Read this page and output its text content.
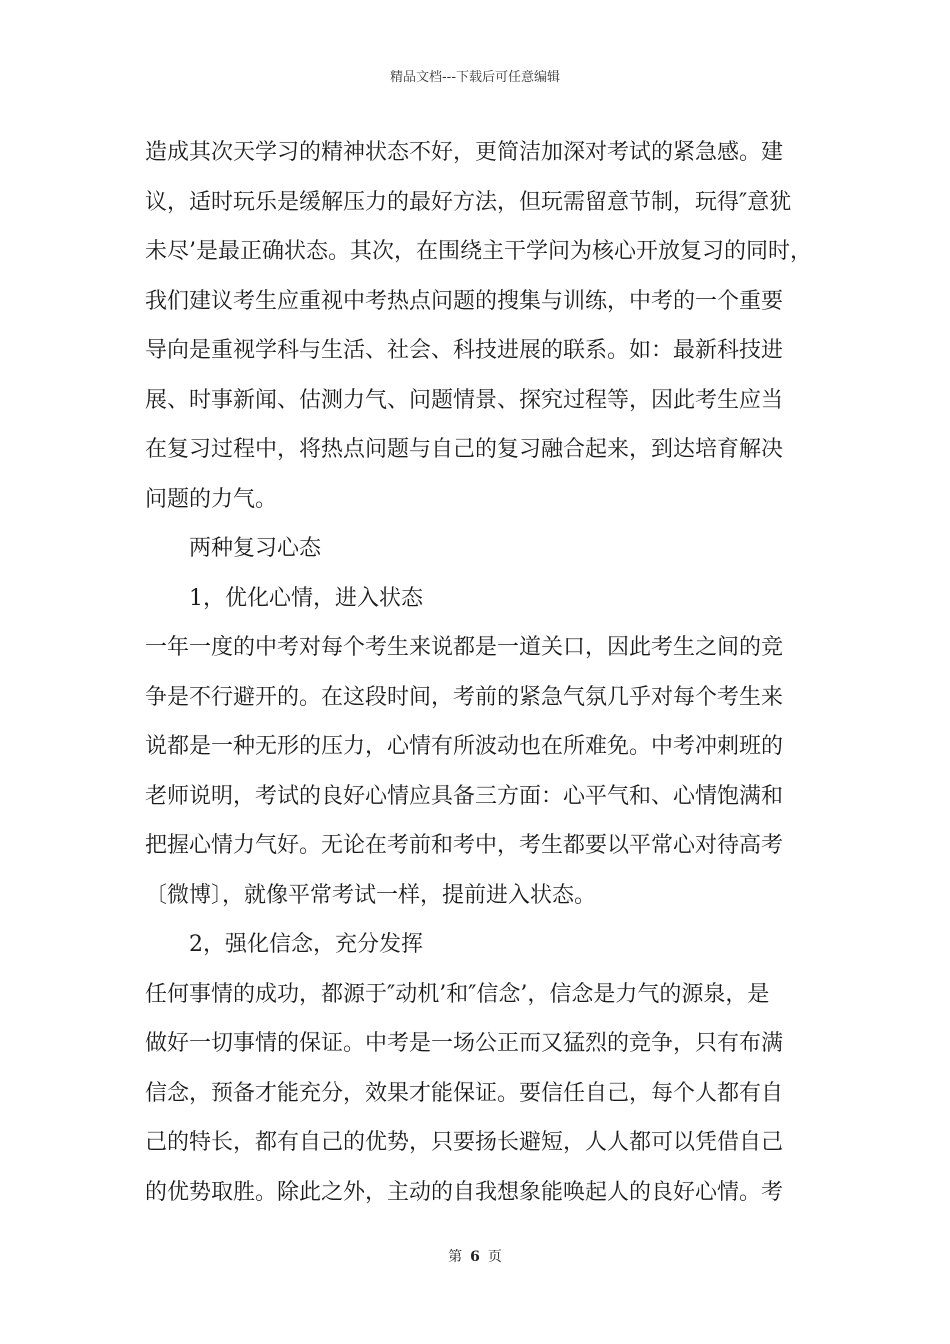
精品文档---下载后可任意编辑
造成其次天学习的精神状态不好，更简洁加深对考试的紧急感。建
议，适时玩乐是缓解压力的最好方法，但玩需留意节制，玩得″意犹
未尽’是最正确状态。其次，在围绕主干学问为核心开放复习的同时，
我们建议考生应重视中考热点问题的搜集与训练，中考的一个重要
导向是重视学科与生活、社会、科技进展的联系。如：最新科技进
展、时事新闻、估测力气、问题情景、探究过程等，因此考生应当
在复习过程中，将热点问题与自己的复习融合起来，到达培育解决
问题的力气。
两种复习心态
1，优化心情，进入状态
一年一度的中考对每个考生来说都是一道关口，因此考生之间的竞
争是不行避开的。在这段时间，考前的紧急气氛几乎对每个考生来
说都是一种无形的压力，心情有所波动也在所难免。中考冲刺班的
老师说明，考试的良好心情应具备三方面：心平气和、心情饱满和
把握心情力气好。无论在考前和考中，考生都要以平常心对待高考
〔微博〕，就像平常考试一样，提前进入状态。
2，强化信念，充分发挥
任何事情的成功，都源于″动机’和″信念’，信念是力气的源泉，是
做好一切事情的保证。中考是一场公正而又猛烈的竞争，只有布满
信念，预备才能充分，效果才能保证。要信任自己，每个人都有自
己的特长，都有自己的优势，只要扬长避短，人人都可以凭借自己
的优势取胜。除此之外，主动的自我想象能唤起人的良好心情。考
第 6 页
